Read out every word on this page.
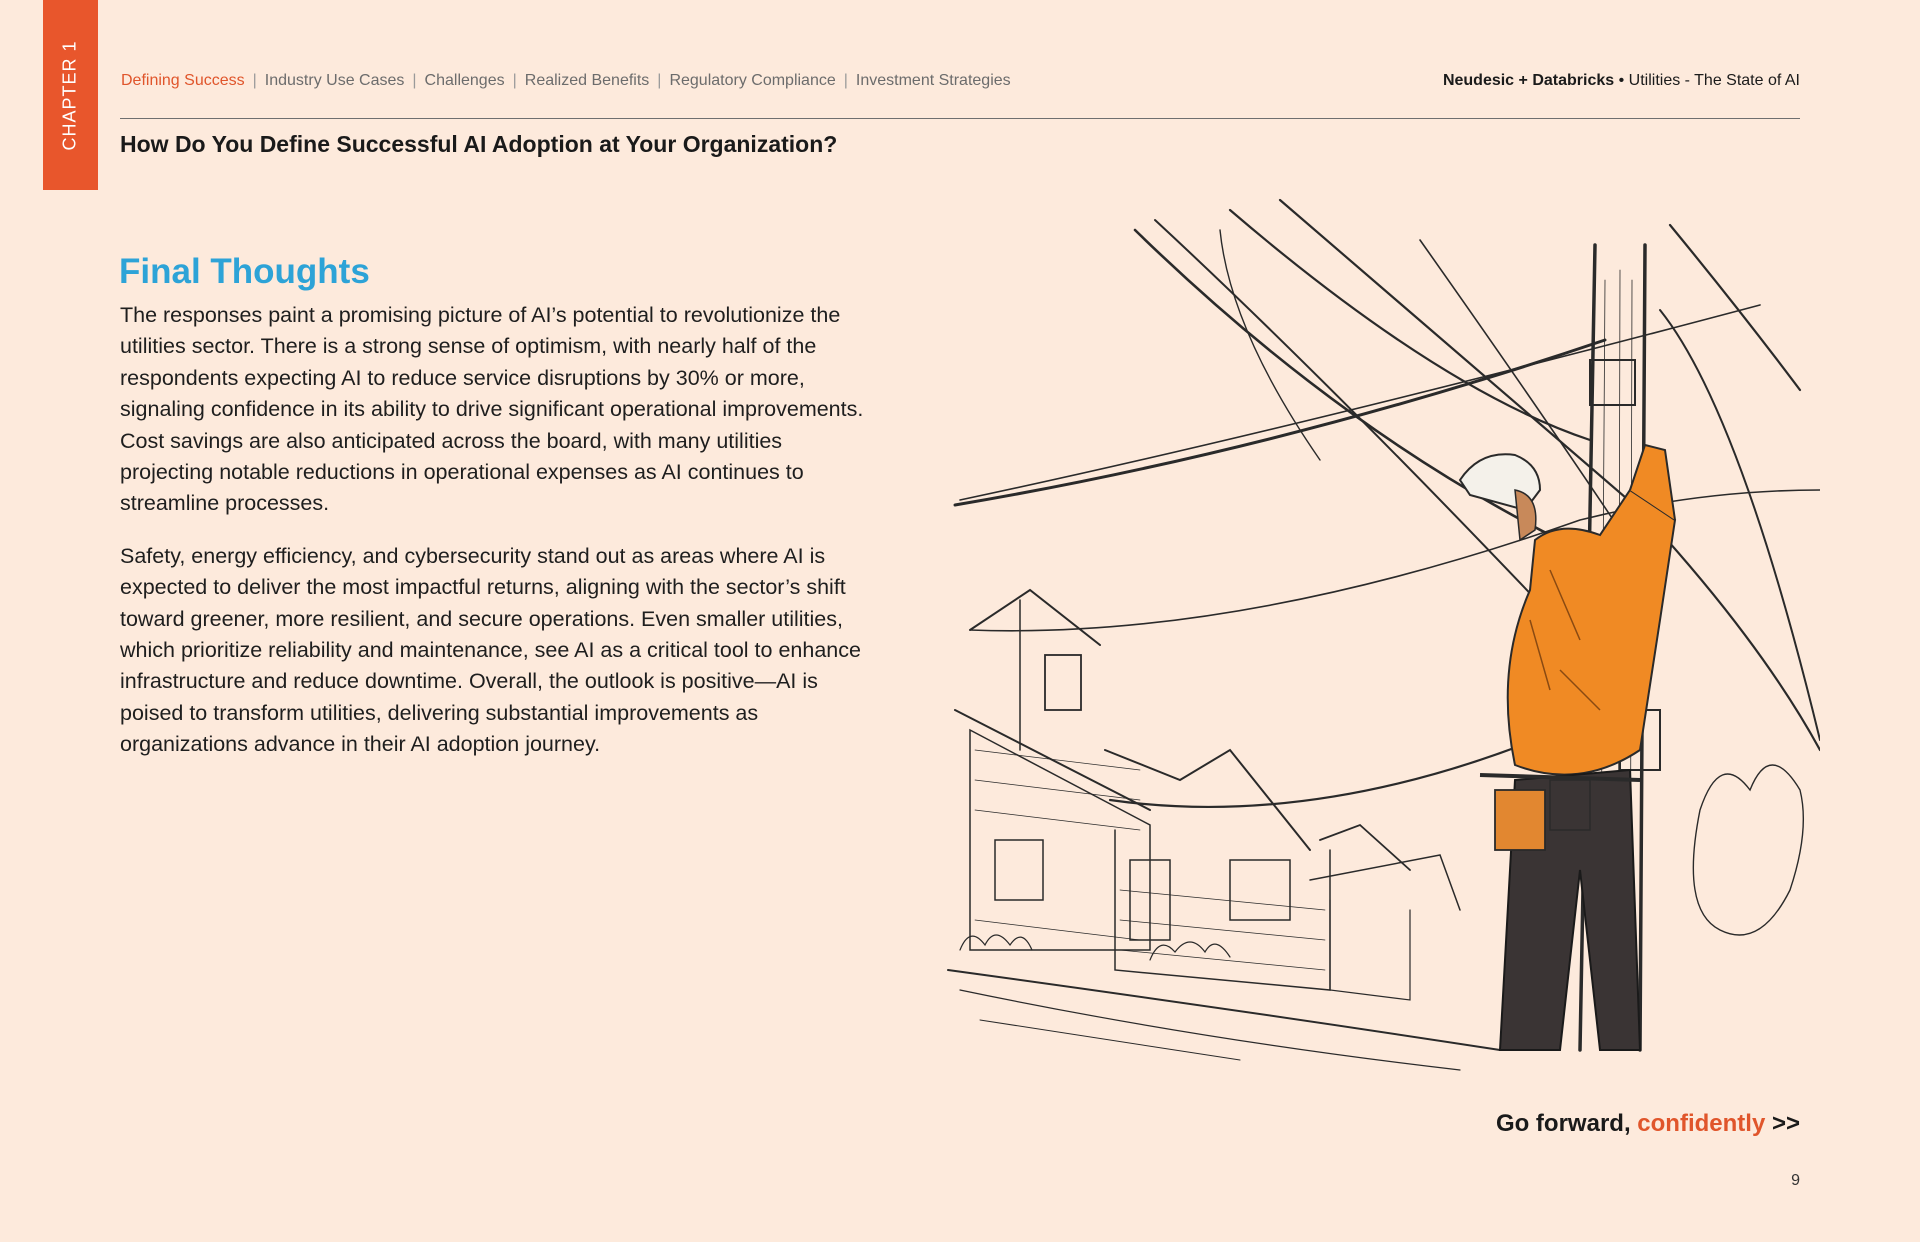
CHAPTER 1	Defining Success | Industry Use Cases | Challenges | Realized Benefits | Regulatory Compliance | Investment Strategies	Neudesic + Databricks • Utilities - The State of AI
How Do You Define Successful AI Adoption at Your Organization?
Final Thoughts

The responses paint a promising picture of AI’s potential to revolutionize the utilities sector. There is a strong sense of optimism, with nearly half of the respondents expecting AI to reduce service disruptions by 30% or more, signaling confidence in its ability to drive significant operational improvements. Cost savings are also anticipated across the board, with many utilities projecting notable reductions in operational expenses as AI continues to streamline processes.

Safety, energy efficiency, and cybersecurity stand out as areas where AI is expected to deliver the most impactful returns, aligning with the sector’s shift toward greener, more resilient, and secure operations. Even smaller utilities, which prioritize reliability and maintenance, see AI as a critical tool to enhance infrastructure and reduce downtime. Overall, the outlook is positive—AI is poised to transform utilities, delivering substantial improvements as organizations advance in their AI adoption journey.

Go forward, confidently >>
9
